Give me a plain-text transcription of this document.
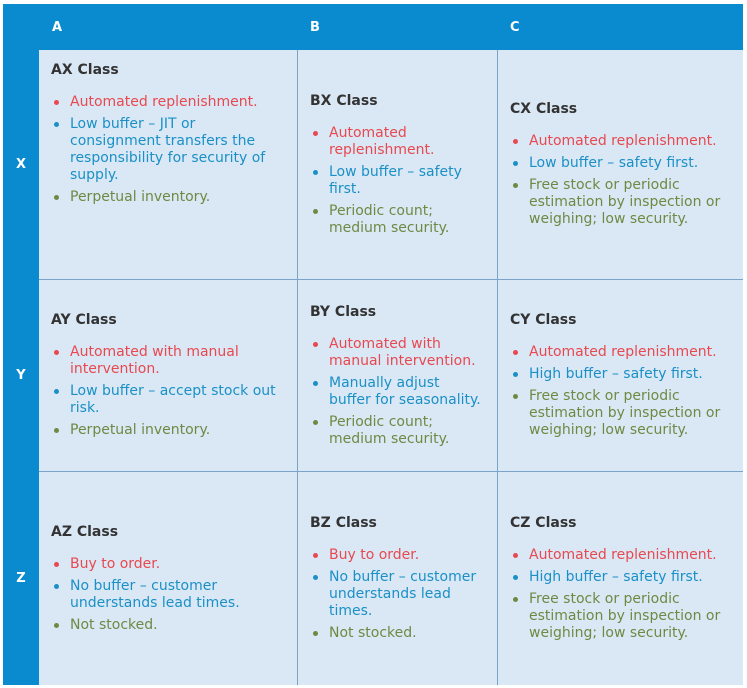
A	B	C
X
AX Class
Automated replenishment.
Low buffer – JIT or consignment transfers the responsibility for security of supply.
Perpetual inventory.
BX Class
Automated replenishment.
Low buffer – safety first.
Periodic count; medium security.
CX Class
Automated replenishment.
Low buffer – safety first.
Free stock or periodic estimation by inspection or weighing; low security.
Y
AY Class
Automated with manual intervention.
Low buffer – accept stock out risk.
Perpetual inventory.
BY Class
Automated with manual intervention.
Manually adjust buffer for seasonality.
Periodic count; medium security.
CY Class
Automated replenishment.
High buffer – safety first.
Free stock or periodic estimation by inspection or weighing; low security.
Z
AZ Class
Buy to order.
No buffer – customer understands lead times.
Not stocked.
BZ Class
Buy to order.
No buffer – customer understands lead times.
Not stocked.
CZ Class
Automated replenishment.
High buffer – safety first.
Free stock or periodic estimation by inspection or weighing; low security.
